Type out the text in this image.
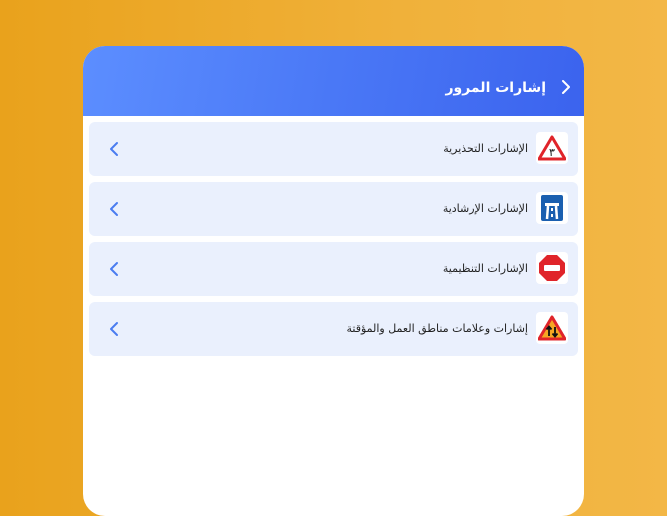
إشارات المرور
٣
الإشارات التحذيرية
الإشارات الإرشادية
الإشارات التنظيمية
إشارات وعلامات مناطق العمل والمؤقتة
